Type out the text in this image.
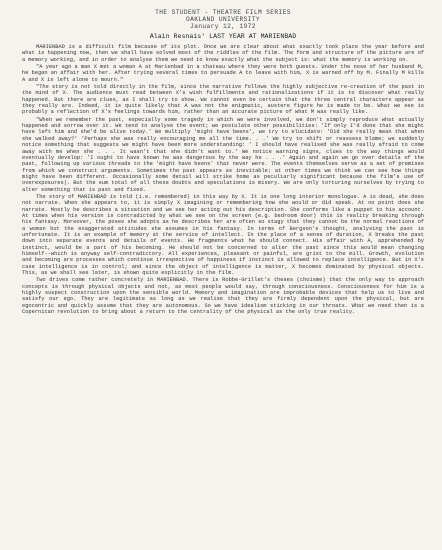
THE STUDENT - THEATRE FILM SERIES
OAKLAND UNIVERSITY
January 12, 1972
Alain Resnais' LAST YEAR AT MARIENBAD

MARIENBAD is a difficult film because of its plot. Once we are clear about what exactly took place the year before and what is happening now, then we shall have solved most of the riddles of the film. The form and structure of the picture are of a memory working, and in order to analyse them we need to know exactly what the subject is: what the memory is working on.

"A year ago a man X met a woman A at Marienbad in a chateau where they were both guests. Under the nose of her husband M, he began an affair with her. After trying several times to persuade A to leave with him, X is warned off by M. Finally M kills A and X is left alone to mourn."

"The story is not told directly in the film, since the narrative follows the highly subjective re-creation of the past in the mind of X. The audience must read between X's wish fulfillments and rationalizations if it is to discover what really happened. But there are clues, as I shall try to show. We cannot even be certain that the three central characters appear as they really are. Indeed, it is quite likely that A was not the enigmatic, austere figure he is made to be. What we see is probably a reflection of X's feelings towards him, rather than an accurate picture of what M was really like.

"When we remember the past, especially some tragedy in which we were involved, we don't simply reproduce what actually happened and sorrow over it. We tend to analyse the event; we postulate other possibilities: 'If only I'd done that she might have left him and she'd be alive today.' We multiply 'might have beens', we try to elucidate: 'Did she really mean that when she walked away?' 'Perhaps she was really encouraging me all the time. . .' We try to shift or reassess blame; we suddenly notice something that suggests we might have been more understanding: ' I should have realised she was really afraid to come away with me when she . . . It wasn't that she didn't want to.' We notice warning signs, clues to the way things would eventually develop: 'I ought to have known he was dangerous by the way he . . .' Again and again we go over details of the past, following up various threads to the 'might have beens' that never were. The events themselves serve as a set of premises from which we construct arguments. Sometimes the past appears as inevitable; at other times we think we can see how things might have been different. Occasionally some detail will strike home as peculiarly significant because the film's use of overexposures). But the sum total of all these doubts and speculations is misery. We are only torturing ourselves by trying to alter something that is past and fixed.

The story of MARIENBAD is told (i.e. remembered) in this way by X. It is one long interior monologue. A is dead, she does not narrate. When she appears to, it is simply X imagining or remembering how she would or did speak. At no point does she narrate. Mostly he describes a situation and we see her acting out his description. She conforms like a puppet to his account. At times when his version is contradicted by what we see on the screen (e.g. bedroom door) this is reality breaking through his fantasy. Moreover, the poses she adopts as he describes her are often so stagy that they cannot be the normal reactions of a woman but the exaggerated attitudes she assumes in his fantasy. In terms of Bergson's thought, analysing the past is unfortunate. It is an example of memory at the service of intellect. In the place of a sense of duration, X breaks the past down into separate events and details of events. He fragments what he should connect. His affair with A, apprehended by instinct, would be a part of his becoming. He should not be concerned to alter the past since this would mean changing himself--which is anyway self-contradictory. All experiences, pleasant or painful, are grist to the mill. Growth, evolution and becoming are processes which continue irrespective of happiness if instinct is allowed to replace intelligence. But in X's case intelligence is in control; and since the object of intelligence is matter, X becomes dominated by physical objects. This, as we shall see later, is shown quite explicitly in the film.

Two drives come rather concretely in MARIENBAD. There is Robbe-Grillet's theses (choisme) that the only way to approach concepts is through physical objects and not, as most people would say, through consciousness. Consciousness for him is a highly suspect construction upon the sensible world. Memory and imagination are improbable devices that help us to live and satisfy our ego. They are legitimate as long as we realise that they are firmly dependent upon the physical, but are egocentric and quickly assume that they are autonomous. So we have idealism sticking in our throats. What we need then is a Copernican revolution to bring about a return to the centrality of the physical as the only true reality.
